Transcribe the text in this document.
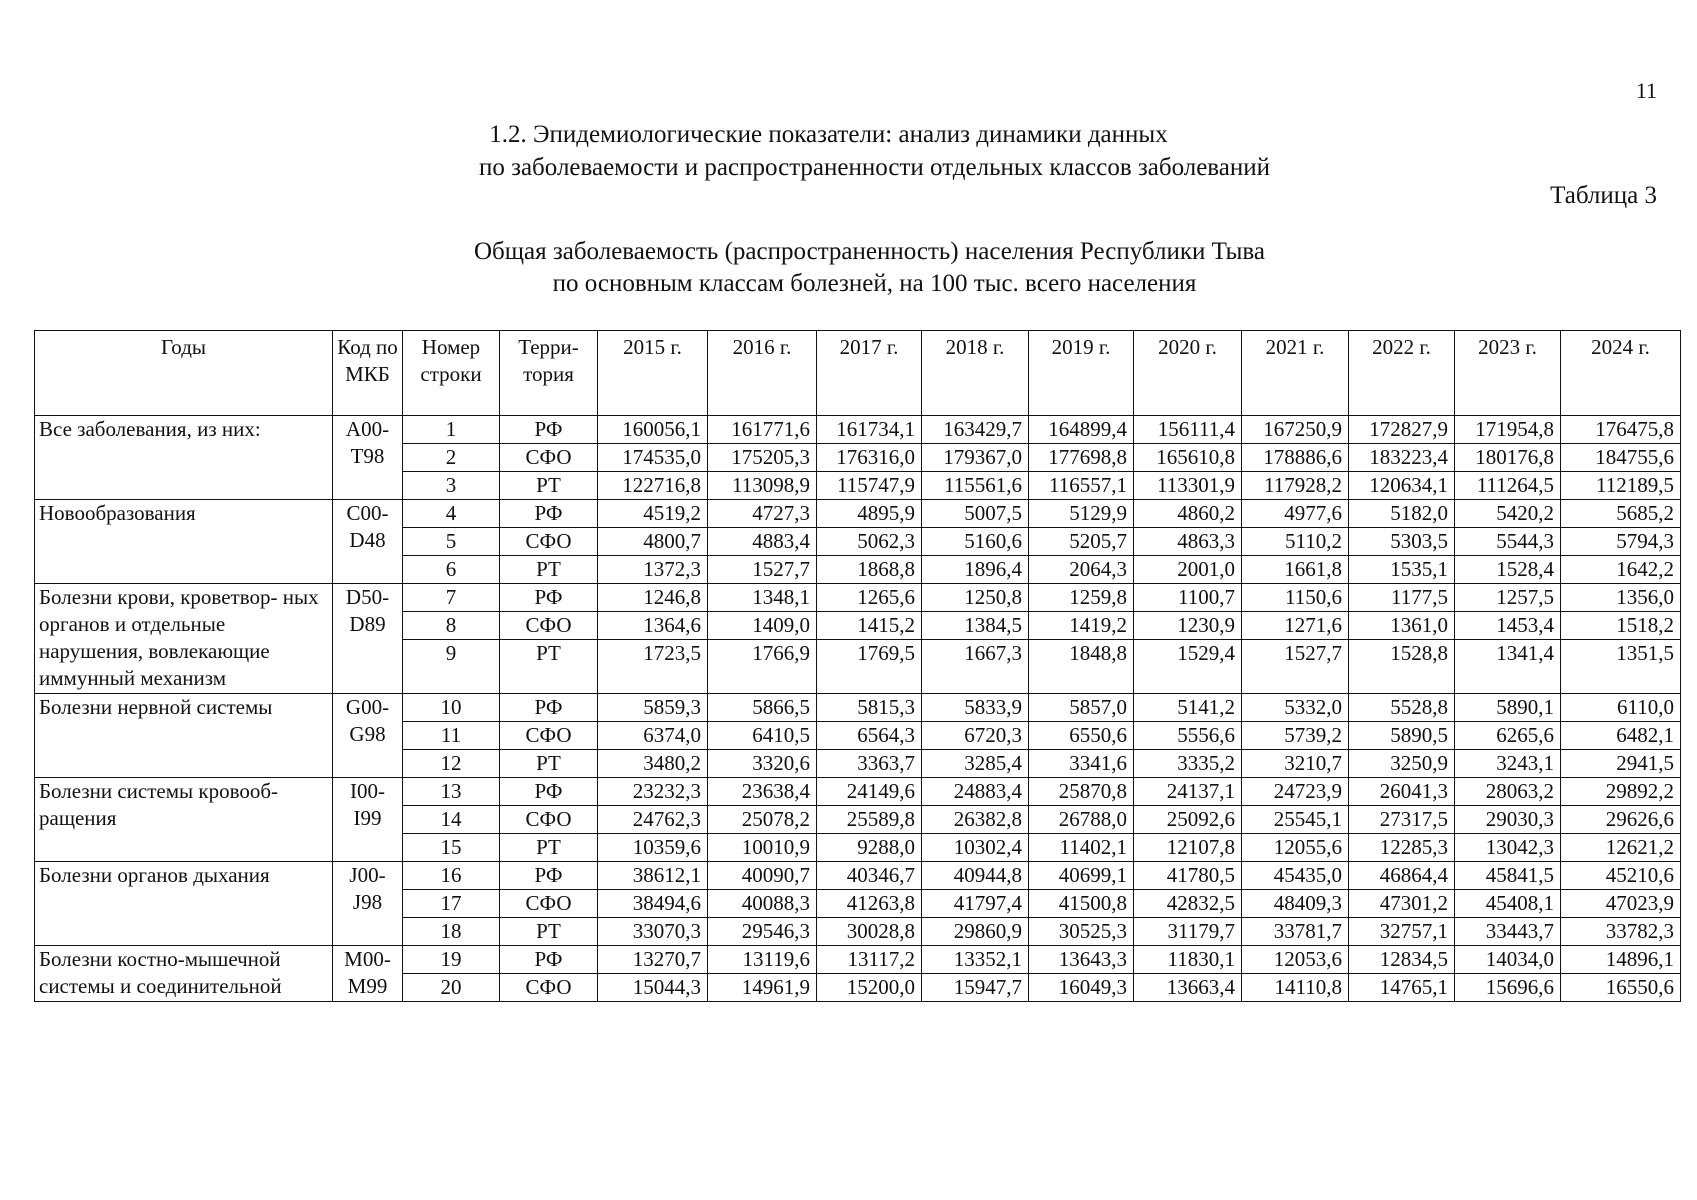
11
1.2. Эпидемиологические показатели: анализ динамики данных
по заболеваемости и распространенности отдельных классов заболеваний
Таблица 3
Общая заболеваемость (распространенность) населения Республики Тыва
по основным классам болезней, на 100 тыс. всего населения
Годы	Код по МКБ	Номер строки	Терри- тория	2015 г.	2016 г.	2017 г.	2018 г.	2019 г.	2020 г.	2021 г.	2022 г.	2023 г.	2024 г.
Все заболевания, из них:	A00-T98	1	РФ	160056,1	161771,6	161734,1	163429,7	164899,4	156111,4	167250,9	172827,9	171954,8	176475,8
		2	СФО	174535,0	175205,3	176316,0	179367,0	177698,8	165610,8	178886,6	183223,4	180176,8	184755,6
		3	РТ	122716,8	113098,9	115747,9	115561,6	116557,1	113301,9	117928,2	120634,1	111264,5	112189,5
Новообразования	C00-D48	4	РФ	4519,2	4727,3	4895,9	5007,5	5129,9	4860,2	4977,6	5182,0	5420,2	5685,2
		5	СФО	4800,7	4883,4	5062,3	5160,6	5205,7	4863,3	5110,2	5303,5	5544,3	5794,3
		6	РТ	1372,3	1527,7	1868,8	1896,4	2064,3	2001,0	1661,8	1535,1	1528,4	1642,2
Болезни крови, кроветвор- ных органов и отдельные нарушения, вовлекающие иммунный механизм	D50-D89	7	РФ	1246,8	1348,1	1265,6	1250,8	1259,8	1100,7	1150,6	1177,5	1257,5	1356,0
		8	СФО	1364,6	1409,0	1415,2	1384,5	1419,2	1230,9	1271,6	1361,0	1453,4	1518,2
		9	РТ	1723,5	1766,9	1769,5	1667,3	1848,8	1529,4	1527,7	1528,8	1341,4	1351,5
Болезни нервной системы	G00-G98	10	РФ	5859,3	5866,5	5815,3	5833,9	5857,0	5141,2	5332,0	5528,8	5890,1	6110,0
		11	СФО	6374,0	6410,5	6564,3	6720,3	6550,6	5556,6	5739,2	5890,5	6265,6	6482,1
		12	РТ	3480,2	3320,6	3363,7	3285,4	3341,6	3335,2	3210,7	3250,9	3243,1	2941,5
Болезни системы кровооб- ращения	I00-I99	13	РФ	23232,3	23638,4	24149,6	24883,4	25870,8	24137,1	24723,9	26041,3	28063,2	29892,2
		14	СФО	24762,3	25078,2	25589,8	26382,8	26788,0	25092,6	25545,1	27317,5	29030,3	29626,6
		15	РТ	10359,6	10010,9	9288,0	10302,4	11402,1	12107,8	12055,6	12285,3	13042,3	12621,2
Болезни органов дыхания	J00-J98	16	РФ	38612,1	40090,7	40346,7	40944,8	40699,1	41780,5	45435,0	46864,4	45841,5	45210,6
		17	СФО	38494,6	40088,3	41263,8	41797,4	41500,8	42832,5	48409,3	47301,2	45408,1	47023,9
		18	РТ	33070,3	29546,3	30028,8	29860,9	30525,3	31179,7	33781,7	32757,1	33443,7	33782,3
Болезни костно-мышечной системы и соединительной	M00-M99	19	РФ	13270,7	13119,6	13117,2	13352,1	13643,3	11830,1	12053,6	12834,5	14034,0	14896,1
		20	СФО	15044,3	14961,9	15200,0	15947,7	16049,3	13663,4	14110,8	14765,1	15696,6	16550,6
